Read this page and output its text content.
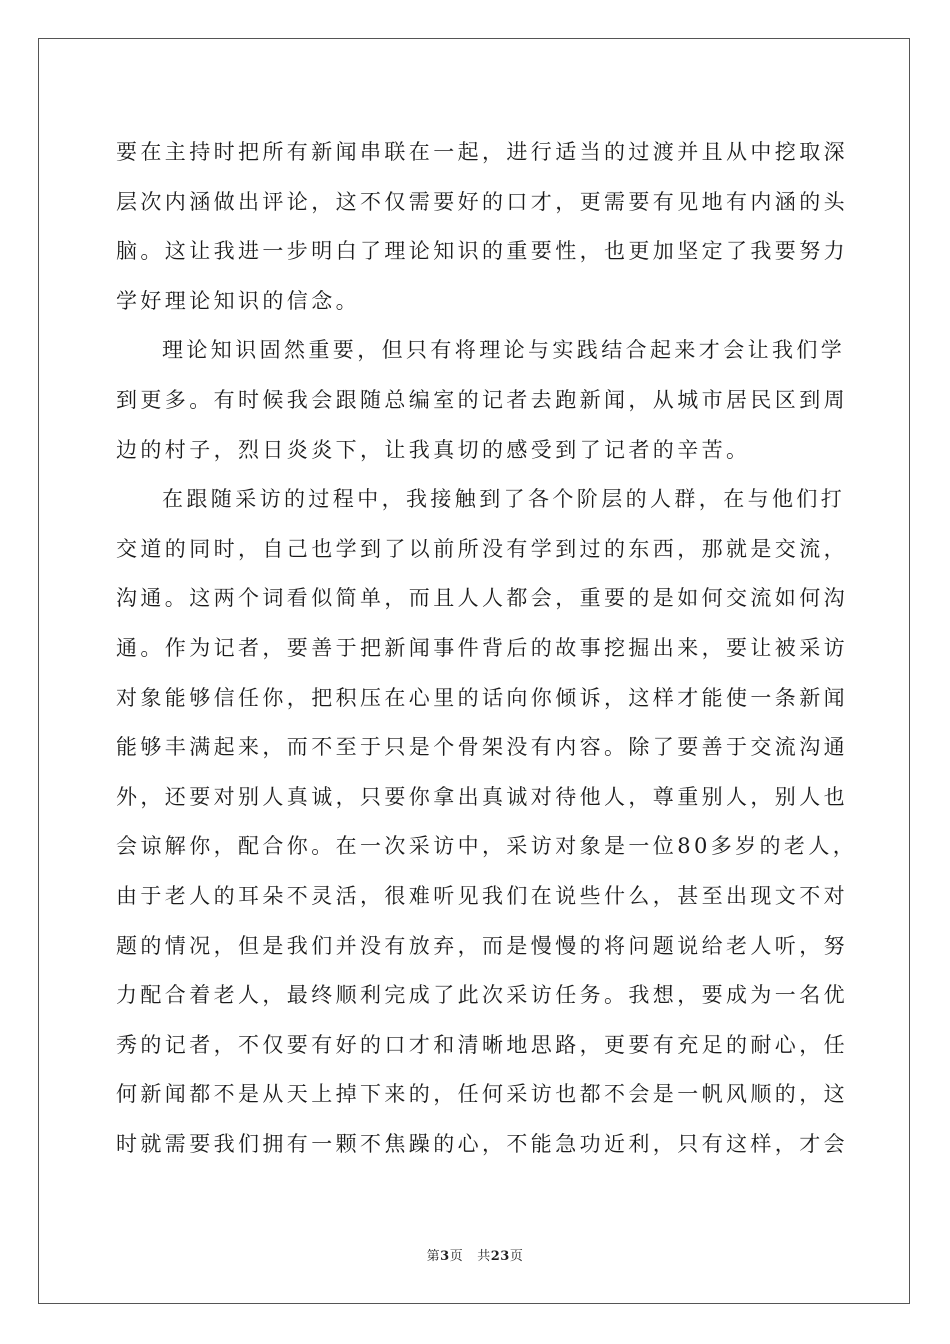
要在主持时把所有新闻串联在一起，进行适当的过渡并且从中挖取深
层次内涵做出评论，这不仅需要好的口才，更需要有见地有内涵的头
脑。这让我进一步明白了理论知识的重要性，也更加坚定了我要努力
学好理论知识的信念。
理论知识固然重要，但只有将理论与实践结合起来才会让我们学
到更多。有时候我会跟随总编室的记者去跑新闻，从城市居民区到周
边的村子，烈日炎炎下，让我真切的感受到了记者的辛苦。
在跟随采访的过程中，我接触到了各个阶层的人群，在与他们打
交道的同时，自己也学到了以前所没有学到过的东西，那就是交流，
沟通。这两个词看似简单，而且人人都会，重要的是如何交流如何沟
通。作为记者，要善于把新闻事件背后的故事挖掘出来，要让被采访
对象能够信任你，把积压在心里的话向你倾诉，这样才能使一条新闻
能够丰满起来，而不至于只是个骨架没有内容。除了要善于交流沟通
外，还要对别人真诚，只要你拿出真诚对待他人，尊重别人，别人也
会谅解你，配合你。在一次采访中，采访对象是一位80多岁的老人，
由于老人的耳朵不灵活，很难听见我们在说些什么，甚至出现文不对
题的情况，但是我们并没有放弃，而是慢慢的将问题说给老人听，努
力配合着老人，最终顺利完成了此次采访任务。我想，要成为一名优
秀的记者，不仅要有好的口才和清晰地思路，更要有充足的耐心，任
何新闻都不是从天上掉下来的，任何采访也都不会是一帆风顺的，这
时就需要我们拥有一颗不焦躁的心，不能急功近利，只有这样，才会
第3页 共23页
